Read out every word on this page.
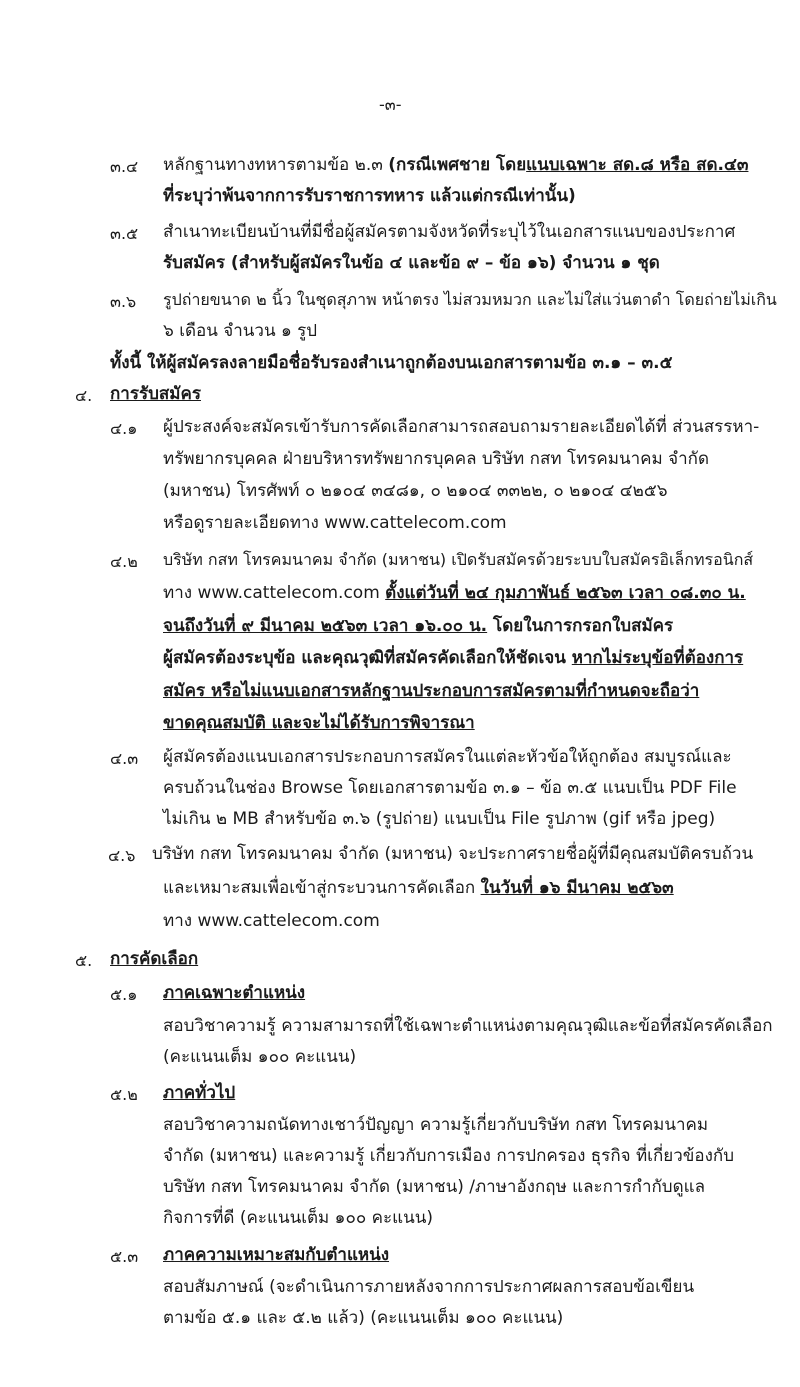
-๓-
๓.๔ หลักฐานทางทหารตามข้อ ๒.๓ (กรณีเพศชาย โดยแนบเฉพาะ สด.๘ หรือ สด.๔๓
ที่ระบุว่าพ้นจากการรับราชการทหาร แล้วแต่กรณีเท่านั้น)
๓.๕ สำเนาทะเบียนบ้านที่มีชื่อผู้สมัครตามจังหวัดที่ระบุไว้ในเอกสารแนบของประกาศ
รับสมัคร (สำหรับผู้สมัครในข้อ ๔ และข้อ ๙ – ข้อ ๑๖) จำนวน ๑ ชุด
๓.๖ รูปถ่ายขนาด ๒ นิ้ว ในชุดสุภาพ หน้าตรง ไม่สวมหมวก และไม่ใส่แว่นตาดำ โดยถ่ายไม่เกิน
๖ เดือน จำนวน ๑ รูป
ทั้งนี้ ให้ผู้สมัครลงลายมือชื่อรับรองสำเนาถูกต้องบนเอกสารตามข้อ ๓.๑ – ๓.๕
๔. การรับสมัคร
๔.๑ ผู้ประสงค์จะสมัครเข้ารับการคัดเลือกสามารถสอบถามรายละเอียดได้ที่ ส่วนสรรหา-
ทรัพยากรบุคคล ฝ่ายบริหารทรัพยากรบุคคล บริษัท กสท โทรคมนาคม จำกัด
(มหาชน) โทรศัพท์ ๐ ๒๑๐๔ ๓๔๘๑, ๐ ๒๑๐๔ ๓๓๒๒, ๐ ๒๑๐๔ ๔๒๕๖
หรือดูรายละเอียดทาง www.cattelecom.com
๔.๒ บริษัท กสท โทรคมนาคม จำกัด (มหาชน) เปิดรับสมัครด้วยระบบใบสมัครอิเล็กทรอนิกส์
ทาง www.cattelecom.com ตั้งแต่วันที่ ๒๔ กุมภาพันธ์ ๒๕๖๓ เวลา ๐๘.๓๐ น.
จนถึงวันที่ ๙ มีนาคม ๒๕๖๓ เวลา ๑๖.๐๐ น. โดยในการกรอกใบสมัคร
ผู้สมัครต้องระบุข้อ และคุณวุฒิที่สมัครคัดเลือกให้ชัดเจน หากไม่ระบุข้อที่ต้องการ
สมัคร หรือไม่แนบเอกสารหลักฐานประกอบการสมัครตามที่กำหนดจะถือว่า
ขาดคุณสมบัติ และจะไม่ได้รับการพิจารณา
๔.๓ ผู้สมัครต้องแนบเอกสารประกอบการสมัครในแต่ละหัวข้อให้ถูกต้อง สมบูรณ์และ
ครบถ้วนในช่อง Browse โดยเอกสารตามข้อ ๓.๑ – ข้อ ๓.๕ แนบเป็น PDF File
ไม่เกิน ๒ MB สำหรับข้อ ๓.๖ (รูปถ่าย) แนบเป็น File รูปภาพ (gif หรือ jpeg)
๔.๖ บริษัท กสท โทรคมนาคม จำกัด (มหาชน) จะประกาศรายชื่อผู้ที่มีคุณสมบัติครบถ้วน
และเหมาะสมเพื่อเข้าสู่กระบวนการคัดเลือก ในวันที่ ๑๖ มีนาคม ๒๕๖๓
ทาง www.cattelecom.com
๕. การคัดเลือก
๕.๑ ภาคเฉพาะตำแหน่ง
สอบวิชาความรู้ ความสามารถที่ใช้เฉพาะตำแหน่งตามคุณวุฒิและข้อที่สมัครคัดเลือก
(คะแนนเต็ม ๑๐๐ คะแนน)
๕.๒ ภาคทั่วไป
สอบวิชาความถนัดทางเชาว์ปัญญา ความรู้เกี่ยวกับบริษัท กสท โทรคมนาคม
จำกัด (มหาชน) และความรู้ เกี่ยวกับการเมือง การปกครอง ธุรกิจ ที่เกี่ยวข้องกับ
บริษัท กสท โทรคมนาคม จำกัด (มหาชน) /ภาษาอังกฤษ และการกำกับดูแล
กิจการที่ดี (คะแนนเต็ม ๑๐๐ คะแนน)
๕.๓ ภาคความเหมาะสมกับตำแหน่ง
สอบสัมภาษณ์ (จะดำเนินการภายหลังจากการประกาศผลการสอบข้อเขียน
ตามข้อ ๕.๑ และ ๕.๒ แล้ว) (คะแนนเต็ม ๑๐๐ คะแนน)
